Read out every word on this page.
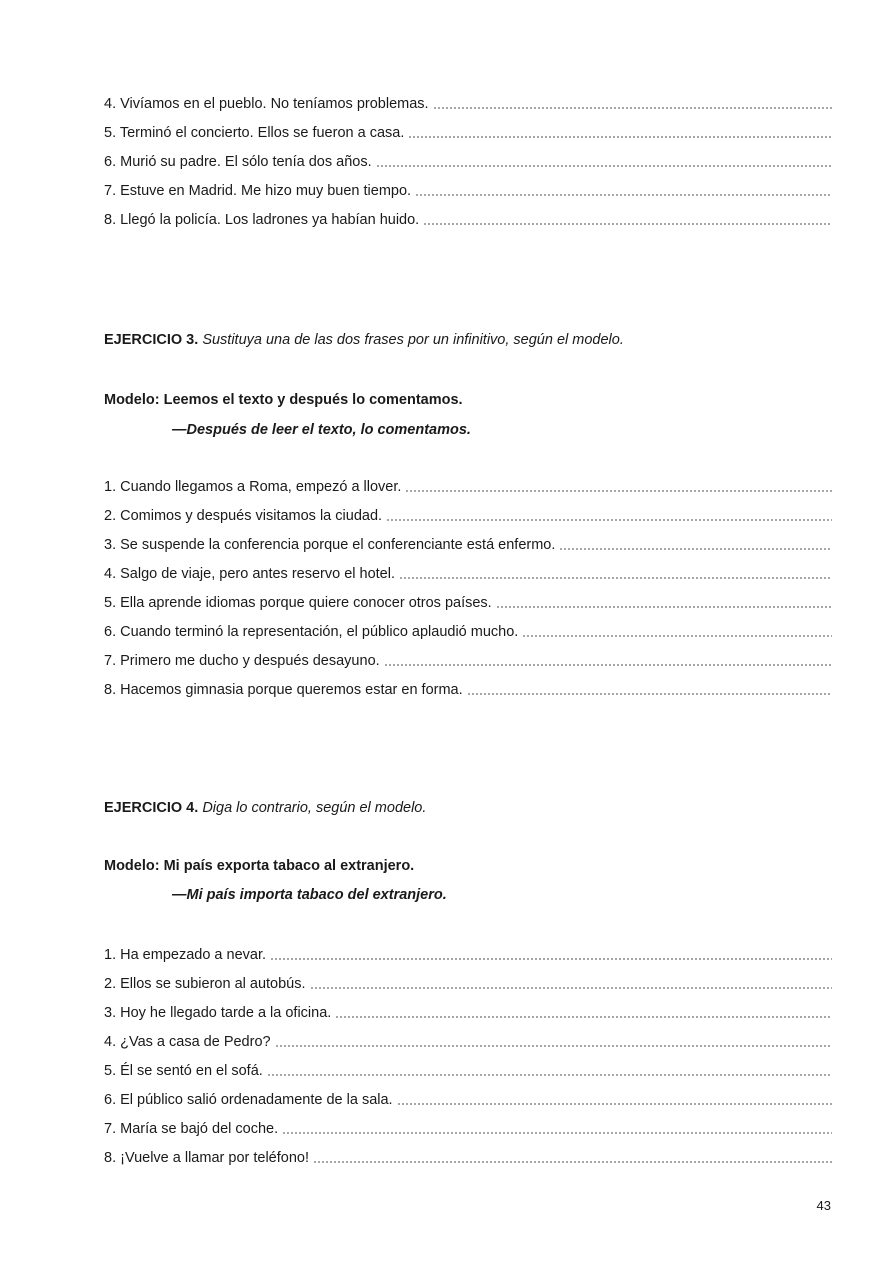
4. Vivíamos en el pueblo. No teníamos problemas.
5. Terminó el concierto. Ellos se fueron a casa.
6. Murió su padre. El sólo tenía dos años.
7. Estuve en Madrid. Me hizo muy buen tiempo.
8. Llegó la policía. Los ladrones ya habían huido.
EJERCICIO 3. Sustituya una de las dos frases por un infinitivo, según el modelo.
Modelo: Leemos el texto y después lo comentamos.
—Después de leer el texto, lo comentamos.
1. Cuando llegamos a Roma, empezó a llover.
2. Comimos y después visitamos la ciudad.
3. Se suspende la conferencia porque el conferenciante está enfermo.
4. Salgo de viaje, pero antes reservo el hotel.
5. Ella aprende idiomas porque quiere conocer otros países.
6. Cuando terminó la representación, el público aplaudió mucho.
7. Primero me ducho y después desayuno.
8. Hacemos gimnasia porque queremos estar en forma.
EJERCICIO 4. Diga lo contrario, según el modelo.
Modelo: Mi país exporta tabaco al extranjero.
—Mi país importa tabaco del extranjero.
1. Ha empezado a nevar.
2. Ellos se subieron al autobús.
3. Hoy he llegado tarde a la oficina.
4. ¿Vas a casa de Pedro?
5. Él se sentó en el sofá.
6. El público salió ordenadamente de la sala.
7. María se bajó del coche.
8. ¡Vuelve a llamar por teléfono!
43
